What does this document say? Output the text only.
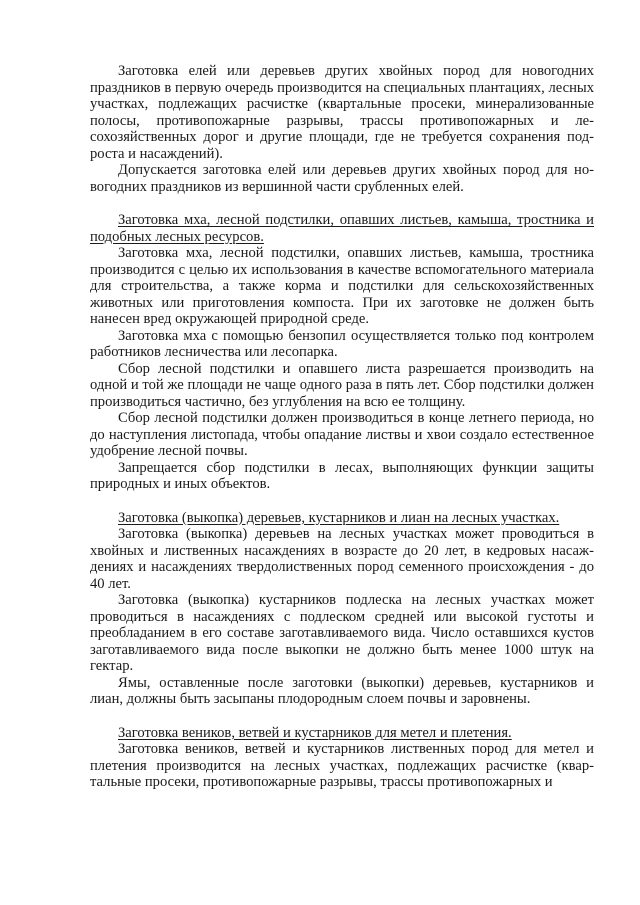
Заготовка елей или деревьев других хвойных пород для новогодних праздников в первую очередь производится на специальных плантациях, лесных участках, подлежащих расчистке (квартальные просеки, минерализованные полосы, противопожарные разрывы, трассы противопожарных и лесохозяйственных дорог и другие площади, где не требуется сохранения подроста и насаждений).

Допускается заготовка елей или деревьев других хвойных пород для новогодних праздников из вершинной части срубленных елей.

Заготовка мха, лесной подстилки, опавших листьев, камыша, тростника и подобных лесных ресурсов.

Заготовка мха, лесной подстилки, опавших листьев, камыша, тростника производится с целью их использования в качестве вспомогательного материала для строительства, а также корма и подстилки для сельскохозяйственных животных или приготовления компоста. При их заготовке не должен быть нанесен вред окружающей природной среде.

Заготовка мха с помощью бензопил осуществляется только под контролем работников лесничества или лесопарка.

Сбор лесной подстилки и опавшего листа разрешается производить на одной и той же площади не чаще одного раза в пять лет. Сбор подстилки должен производиться частично, без углубления на всю ее толщину.

Сбор лесной подстилки должен производиться в конце летнего периода, но до наступления листопада, чтобы опадание листвы и хвои создало естественное удобрение лесной почвы.

Запрещается сбор подстилки в лесах, выполняющих функции защиты природных и иных объектов.

Заготовка (выкопка) деревьев, кустарников и лиан на лесных участках.

Заготовка (выкопка) деревьев на лесных участках может проводиться в хвойных и лиственных насаждениях в возрасте до 20 лет, в кедровых насаждениях и насаждениях твердолиственных пород семенного происхождения - до 40 лет.

Заготовка (выкопка) кустарников подлеска на лесных участках может проводиться в насаждениях с подлеском средней или высокой густоты и преобладанием в его составе заготавливаемого вида. Число оставшихся кустов заготавливаемого вида после выкопки не должно быть менее 1000 штук на гектар.

Ямы, оставленные после заготовки (выкопки) деревьев, кустарников и лиан, должны быть засыпаны плодородным слоем почвы и заровнены.

Заготовка веников, ветвей и кустарников для метел и плетения.

Заготовка веников, ветвей и кустарников лиственных пород для метел и плетения производится на лесных участках, подлежащих расчистке (квартальные просеки, противопожарные разрывы, трассы противопожарных и
